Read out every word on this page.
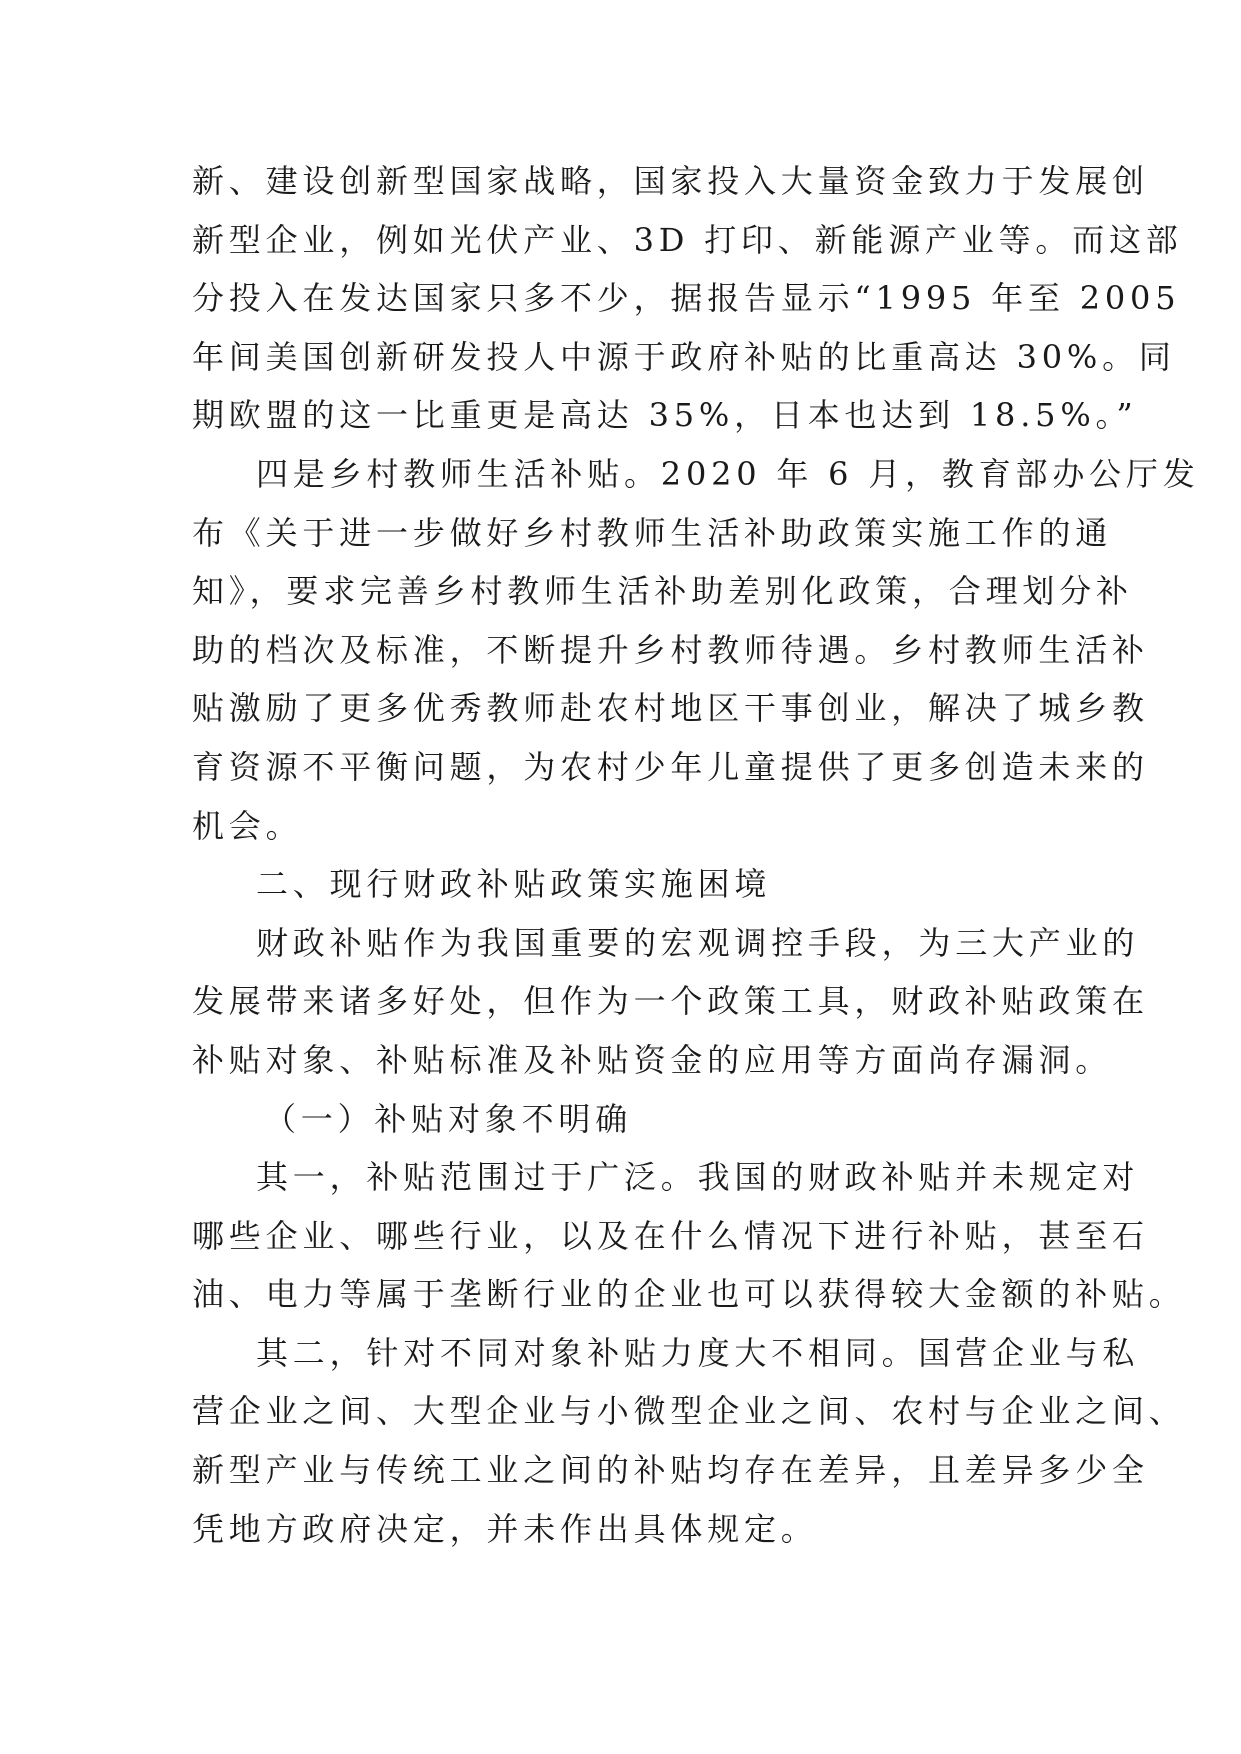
新、建设创新型国家战略，国家投入大量资金致力于发展创
新型企业，例如光伏产业、3D 打印、新能源产业等。而这部
分投入在发达国家只多不少，据报告显示“1995 年至 2005
年间美国创新研发投人中源于政府补贴的比重高达 30%。同
期欧盟的这一比重更是高达 35%，日本也达到 18.5%。”
四是乡村教师生活补贴。2020 年 6 月，教育部办公厅发
布《关于进一步做好乡村教师生活补助政策实施工作的通
知》，要求完善乡村教师生活补助差别化政策，合理划分补
助的档次及标准，不断提升乡村教师待遇。乡村教师生活补
贴激励了更多优秀教师赴农村地区干事创业，解决了城乡教
育资源不平衡问题，为农村少年儿童提供了更多创造未来的
机会。
二、现行财政补贴政策实施困境
财政补贴作为我国重要的宏观调控手段，为三大产业的
发展带来诸多好处，但作为一个政策工具，财政补贴政策在
补贴对象、补贴标准及补贴资金的应用等方面尚存漏洞。
（一）补贴对象不明确
其一，补贴范围过于广泛。我国的财政补贴并未规定对
哪些企业、哪些行业，以及在什么情况下进行补贴，甚至石
油、电力等属于垄断行业的企业也可以获得较大金额的补贴。
其二，针对不同对象补贴力度大不相同。国营企业与私
营企业之间、大型企业与小微型企业之间、农村与企业之间、
新型产业与传统工业之间的补贴均存在差异，且差异多少全
凭地方政府决定，并未作出具体规定。
